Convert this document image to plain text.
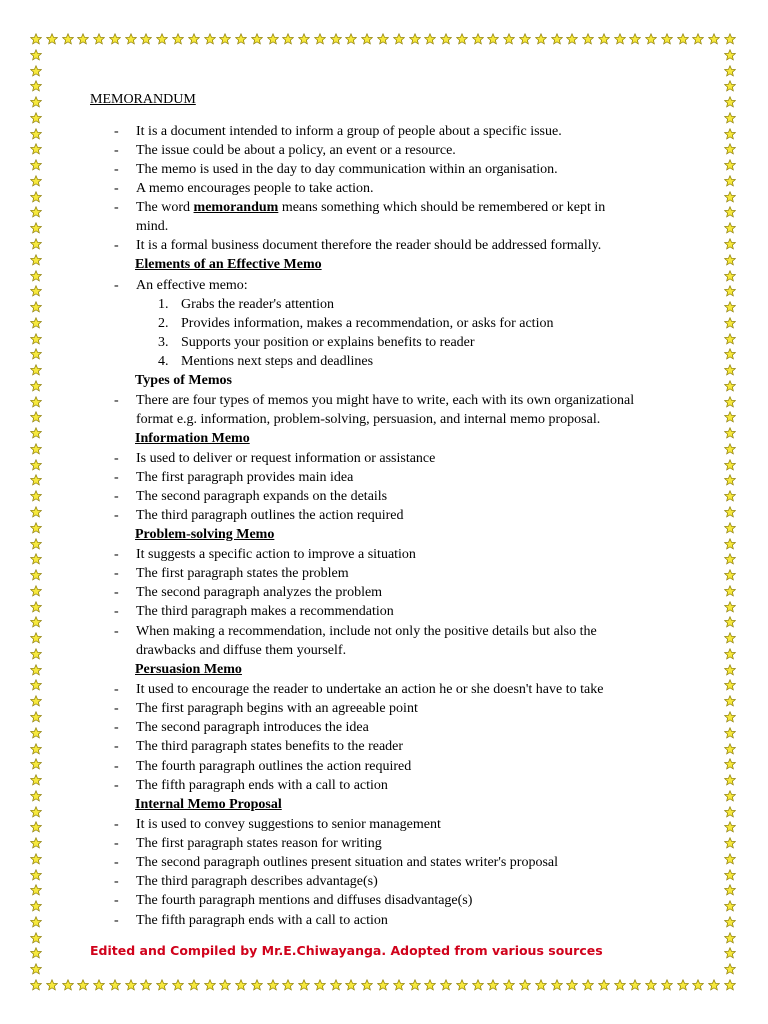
MEMORANDUM
- It is a document intended to inform a group of people about a specific issue.
- The issue could be about a policy, an event or a resource.
- The memo is used in the day to day communication within an organisation.
- A memo encourages people to take action.
- The word memorandum means something which should be remembered or kept in
mind.
- It is a formal business document therefore the reader should be addressed formally.
Elements of an Effective Memo
- An effective memo:
1. Grabs the reader's attention
2. Provides information, makes a recommendation, or asks for action
3. Supports your position or explains benefits to reader
4. Mentions next steps and deadlines
Types of Memos
- There are four types of memos you might have to write, each with its own organizational
format e.g. information, problem-solving, persuasion, and internal memo proposal.
Information Memo
- Is used to deliver or request information or assistance
- The first paragraph provides main idea
- The second paragraph expands on the details
- The third paragraph outlines the action required
Problem-solving Memo
- It suggests a specific action to improve a situation
- The first paragraph states the problem
- The second paragraph analyzes the problem
- The third paragraph makes a recommendation
- When making a recommendation, include not only the positive details but also the
drawbacks and diffuse them yourself.
Persuasion Memo
- It used to encourage the reader to undertake an action he or she doesn't have to take
- The first paragraph begins with an agreeable point
- The second paragraph introduces the idea
- The third paragraph states benefits to the reader
- The fourth paragraph outlines the action required
- The fifth paragraph ends with a call to action
Internal Memo Proposal
- It is used to convey suggestions to senior management
- The first paragraph states reason for writing
- The second paragraph outlines present situation and states writer's proposal
- The third paragraph describes advantage(s)
- The fourth paragraph mentions and diffuses disadvantage(s)
- The fifth paragraph ends with a call to action
Edited and Compiled by Mr.E.Chiwayanga. Adopted from various sources
